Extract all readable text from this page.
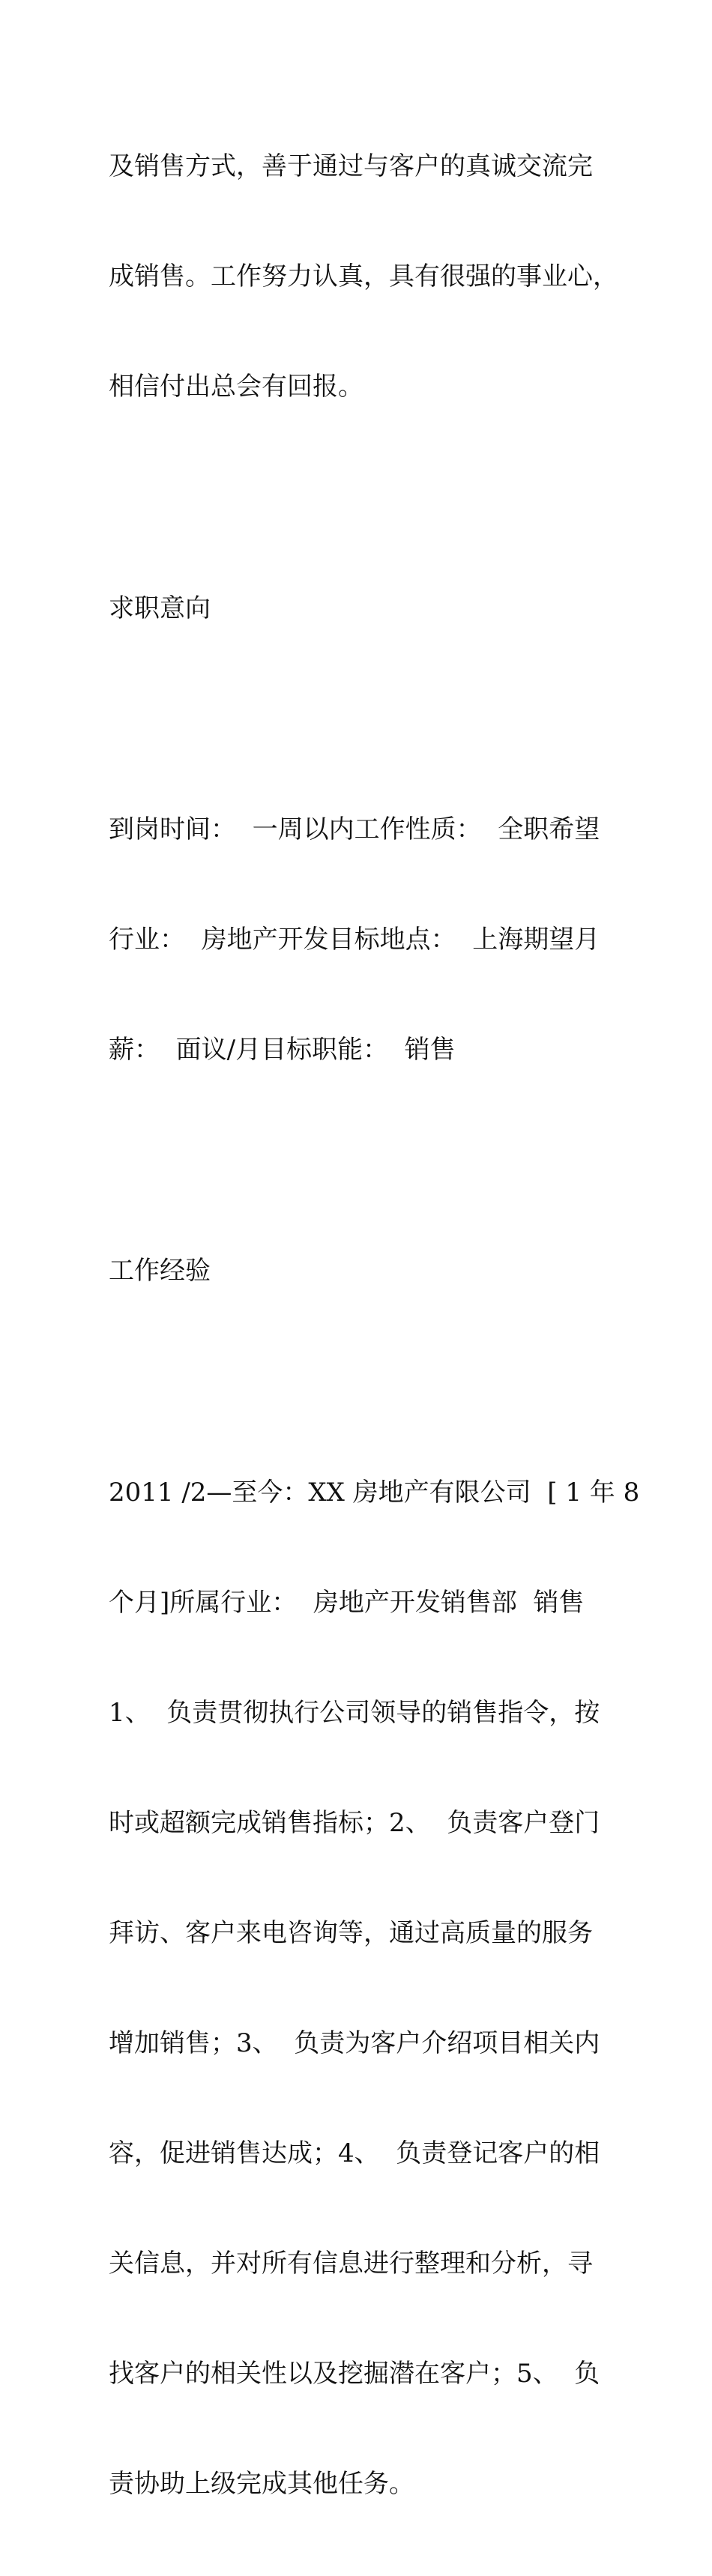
及销售方式，善于通过与客户的真诚交流完

成销售。工作努力认真，具有很强的事业心，

相信付出总会有回报。

求职意向

到岗时间：  一周以内工作性质：  全职希望

行业：  房地产开发目标地点：  上海期望月

薪：  面议/月目标职能：  销售

工作经验

2011 /2—至今：XX 房地产有限公司  [ 1 年 8

个月]所属行业：  房地产开发销售部  销售

1、  负责贯彻执行公司领导的销售指令，按

时或超额完成销售指标；2、  负责客户登门

拜访、客户来电咨询等，通过高质量的服务

增加销售；3、  负责为客户介绍项目相关内

容，促进销售达成；4、  负责登记客户的相

关信息，并对所有信息进行整理和分析，寻

找客户的相关性以及挖掘潜在客户；5、  负

责协助上级完成其他任务。
